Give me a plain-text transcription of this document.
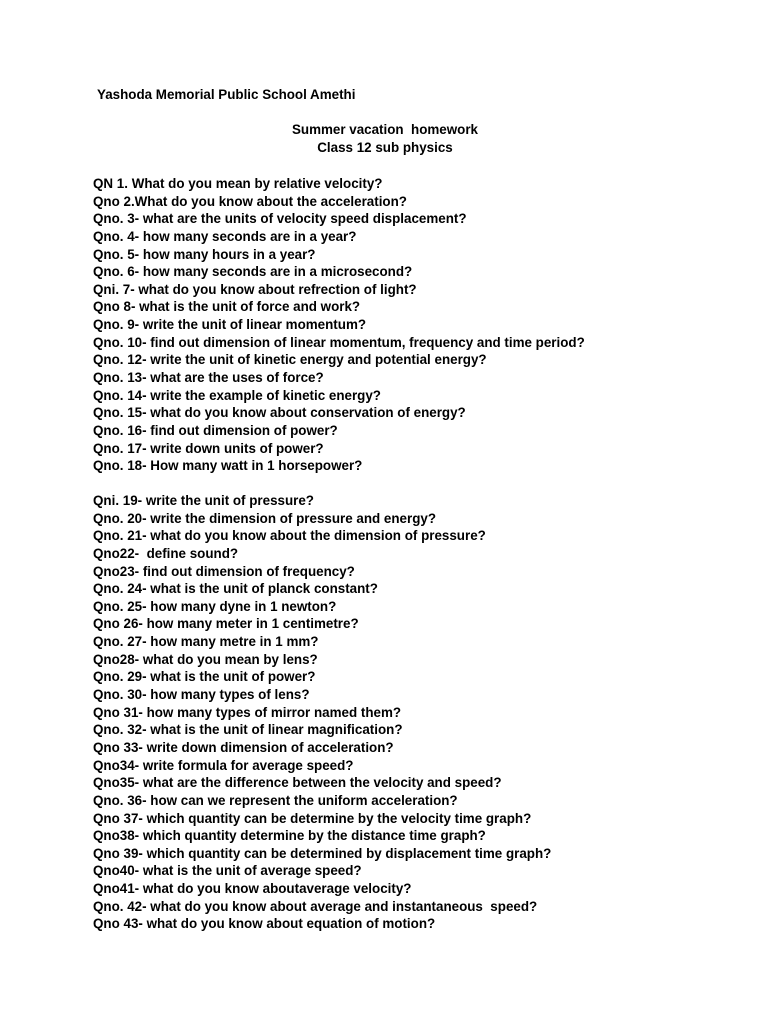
Yashoda Memorial Public School Amethi
Summer vacation  homework
Class 12 sub physics
QN 1. What do you mean by relative velocity?
Qno 2.What do you know about the acceleration?
Qno. 3- what are the units of velocity speed displacement?
Qno. 4- how many seconds are in a year?
Qno. 5- how many hours in a year?
Qno. 6- how many seconds are in a microsecond?
Qni. 7- what do you know about refrection of light?
Qno 8- what is the unit of force and work?
Qno. 9- write the unit of linear momentum?
Qno. 10- find out dimension of linear momentum, frequency and time period?
Qno. 12- write the unit of kinetic energy and potential energy?
Qno. 13- what are the uses of force?
Qno. 14- write the example of kinetic energy?
Qno. 15- what do you know about conservation of energy?
Qno. 16- find out dimension of power?
Qno. 17- write down units of power?
Qno. 18- How many watt in 1 horsepower?
Qni. 19- write the unit of pressure?
Qno. 20- write the dimension of pressure and energy?
Qno. 21- what do you know about the dimension of pressure?
Qno22-  define sound?
Qno23- find out dimension of frequency?
Qno. 24- what is the unit of planck constant?
Qno. 25- how many dyne in 1 newton?
Qno 26- how many meter in 1 centimetre?
Qno. 27- how many metre in 1 mm?
Qno28- what do you mean by lens?
Qno. 29- what is the unit of power?
Qno. 30- how many types of lens?
Qno 31- how many types of mirror named them?
Qno. 32- what is the unit of linear magnification?
Qno 33- write down dimension of acceleration?
Qno34- write formula for average speed?
Qno35- what are the difference between the velocity and speed?
Qno. 36- how can we represent the uniform acceleration?
Qno 37- which quantity can be determine by the velocity time graph?
Qno38- which quantity determine by the distance time graph?
Qno 39- which quantity can be determined by displacement time graph?
Qno40- what is the unit of average speed?
Qno41- what do you know aboutaverage velocity?
Qno. 42- what do you know about average and instantaneous  speed?
Qno 43- what do you know about equation of motion?
